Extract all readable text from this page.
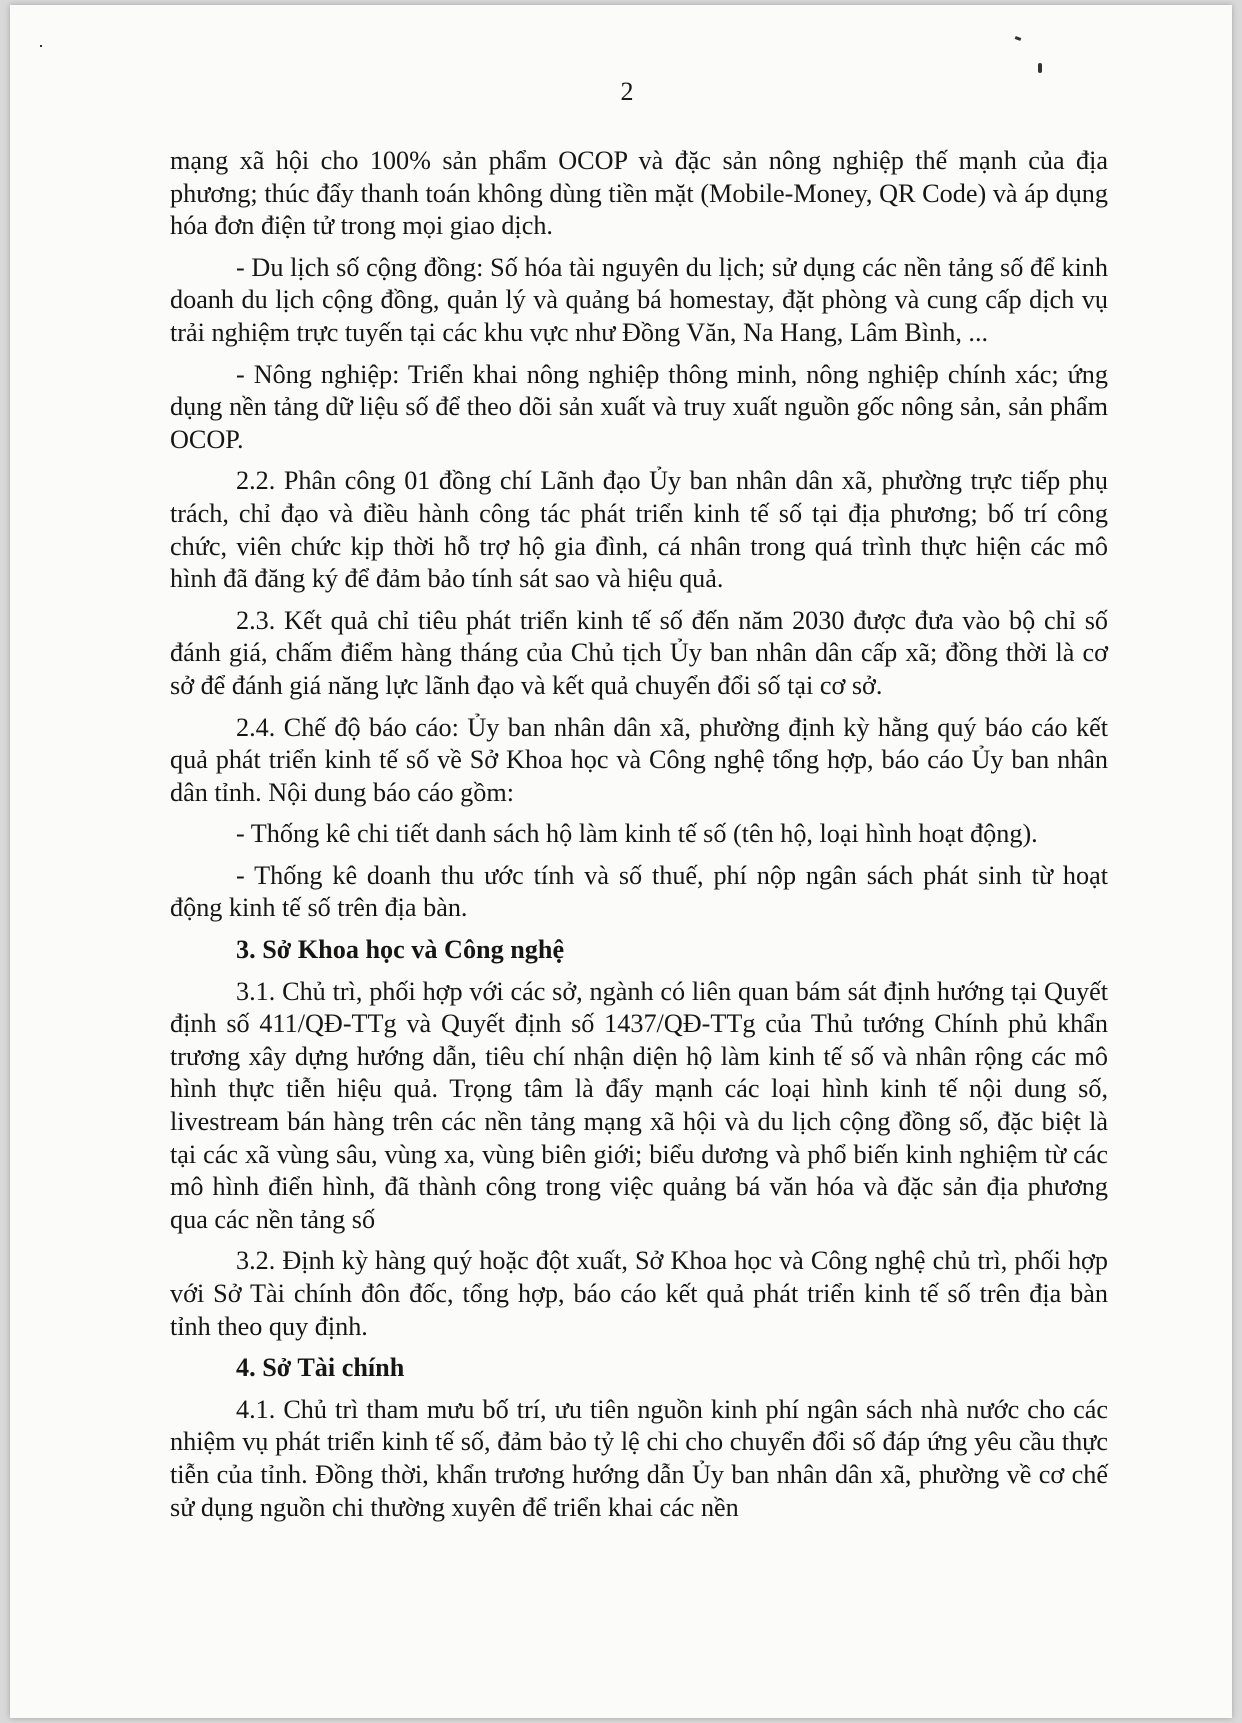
2

mạng xã hội cho 100% sản phẩm OCOP và đặc sản nông nghiệp thế mạnh của địa phương; thúc đẩy thanh toán không dùng tiền mặt (Mobile-Money, QR Code) và áp dụng hóa đơn điện tử trong mọi giao dịch.

- Du lịch số cộng đồng: Số hóa tài nguyên du lịch; sử dụng các nền tảng số để kinh doanh du lịch cộng đồng, quản lý và quảng bá homestay, đặt phòng và cung cấp dịch vụ trải nghiệm trực tuyến tại các khu vực như Đồng Văn, Na Hang, Lâm Bình, ...

- Nông nghiệp: Triển khai nông nghiệp thông minh, nông nghiệp chính xác; ứng dụng nền tảng dữ liệu số để theo dõi sản xuất và truy xuất nguồn gốc nông sản, sản phẩm OCOP.

2.2. Phân công 01 đồng chí Lãnh đạo Ủy ban nhân dân xã, phường trực tiếp phụ trách, chỉ đạo và điều hành công tác phát triển kinh tế số tại địa phương; bố trí công chức, viên chức kịp thời hỗ trợ hộ gia đình, cá nhân trong quá trình thực hiện các mô hình đã đăng ký để đảm bảo tính sát sao và hiệu quả.

2.3. Kết quả chỉ tiêu phát triển kinh tế số đến năm 2030 được đưa vào bộ chỉ số đánh giá, chấm điểm hàng tháng của Chủ tịch Ủy ban nhân dân cấp xã; đồng thời là cơ sở để đánh giá năng lực lãnh đạo và kết quả chuyển đổi số tại cơ sở.

2.4. Chế độ báo cáo: Ủy ban nhân dân xã, phường định kỳ hằng quý báo cáo kết quả phát triển kinh tế số về Sở Khoa học và Công nghệ tổng hợp, báo cáo Ủy ban nhân dân tỉnh. Nội dung báo cáo gồm:

- Thống kê chi tiết danh sách hộ làm kinh tế số (tên hộ, loại hình hoạt động).

- Thống kê doanh thu ước tính và số thuế, phí nộp ngân sách phát sinh từ hoạt động kinh tế số trên địa bàn.

3. Sở Khoa học và Công nghệ

3.1. Chủ trì, phối hợp với các sở, ngành có liên quan bám sát định hướng tại Quyết định số 411/QĐ-TTg và Quyết định số 1437/QĐ-TTg của Thủ tướng Chính phủ khẩn trương xây dựng hướng dẫn, tiêu chí nhận diện hộ làm kinh tế số và nhân rộng các mô hình thực tiễn hiệu quả. Trọng tâm là đẩy mạnh các loại hình kinh tế nội dung số, livestream bán hàng trên các nền tảng mạng xã hội và du lịch cộng đồng số, đặc biệt là tại các xã vùng sâu, vùng xa, vùng biên giới; biểu dương và phổ biến kinh nghiệm từ các mô hình điển hình, đã thành công trong việc quảng bá văn hóa và đặc sản địa phương qua các nền tảng số

3.2. Định kỳ hàng quý hoặc đột xuất, Sở Khoa học và Công nghệ chủ trì, phối hợp với Sở Tài chính đôn đốc, tổng hợp, báo cáo kết quả phát triển kinh tế số trên địa bàn tỉnh theo quy định.

4. Sở Tài chính

4.1. Chủ trì tham mưu bố trí, ưu tiên nguồn kinh phí ngân sách nhà nước cho các nhiệm vụ phát triển kinh tế số, đảm bảo tỷ lệ chi cho chuyển đổi số đáp ứng yêu cầu thực tiễn của tỉnh. Đồng thời, khẩn trương hướng dẫn Ủy ban nhân dân xã, phường về cơ chế sử dụng nguồn chi thường xuyên để triển khai các nền
